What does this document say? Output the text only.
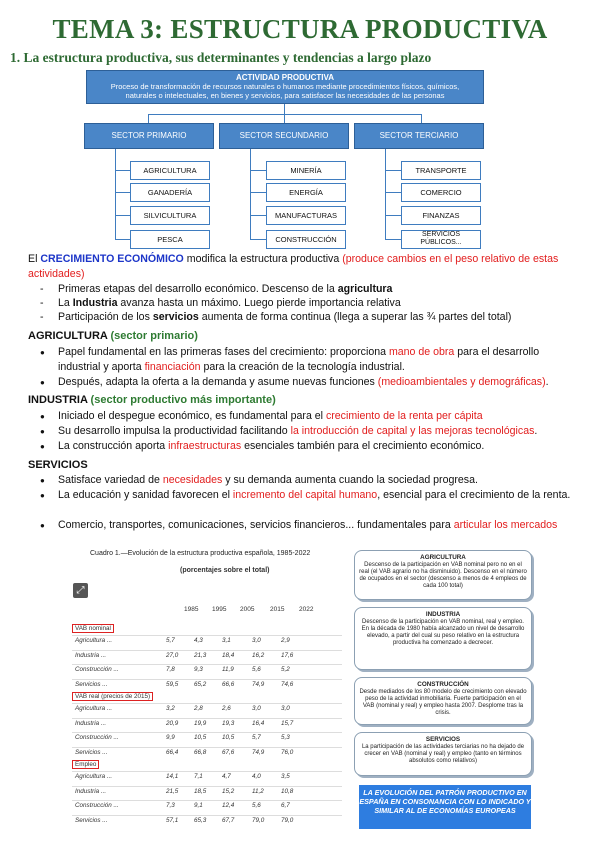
TEMA 3: ESTRUCTURA PRODUCTIVA
1. La estructura productiva, sus determinantes y tendencias a largo plazo
ACTIVIDAD PRODUCTIVA
Proceso de transformación de recursos naturales o humanos mediante procedimientos físicos, químicos,
naturales o intelectuales, en bienes y servicios, para satisfacer las necesidades de las personas
SECTOR PRIMARIO
AGRICULTURA
GANADERÍA
SILVICULTURA
PESCA
SECTOR SECUNDARIO
MINERÍA
ENERGÍA
MANUFACTURAS
CONSTRUCCIÓN
SECTOR TERCIARIO
TRANSPORTE
COMERCIO
FINANZAS
SERVICIOS PÚBLICOS...
El CRECIMIENTO ECONÓMICO modifica la estructura productiva (produce cambios en el peso relativo de estas actividades)
- Primeras etapas del desarrollo económico. Descenso de la agricultura
- La Industria avanza hasta un máximo. Luego pierde importancia relativa
- Participación de los servicios aumenta de forma continua (llega a superar las ¾ partes del total)
AGRICULTURA (sector primario)
● Papel fundamental en las primeras fases del crecimiento: proporciona mano de obra para el desarrollo industrial y aporta financiación para la creación de la tecnología industrial.
● Después, adapta la oferta a la demanda y asume nuevas funciones (medioambientales y demográficas).
INDUSTRIA (sector productivo más importante)
● Iniciado el despegue económico, es fundamental para el crecimiento de la renta per cápita
● Su desarrollo impulsa la productividad facilitando la introducción de capital y las mejoras tecnológicas.
● La construcción aporta infraestructuras esenciales también para el crecimiento económico.
SERVICIOS
● Satisface variedad de necesidades y su demanda aumenta cuando la sociedad progresa.
● La educación y sanidad favorecen el incremento del capital humano, esencial para el crecimiento de la renta.
● Comercio, transportes, comunicaciones, servicios financieros... fundamentales para articular los mercados
Cuadro 1.—Evolución de la estructura productiva española, 1985-2022
(porcentajes sobre el total)
⤢
1985 1995 2005 2015 2022
VAB nominal
Agricultura ...	5,7	4,3	3,1	3,0	2,9
Industria ...	27,0 21,3 18,4	16,2	17,6
Construcción ...	7,8	9,3	11,9	5,6	5,2
Servicios ...	59,5 65,2 66,6	74,9	74,6
VAB real (precios de 2015)
Agricultura ...	3,2	2,8	2,6	3,0	3,0
Industria ...	20,9 19,9 19,3	16,4	15,7
Construcción ...	9,9	10,5 10,5	5,7	5,3
Servicios ...	66,4 66,8 67,6	74,9	76,0
Empleo
Agricultura ...	14,1 7,1	4,7	4,0	3,5
Industria ...	21,5 18,5 15,2	11,2	10,8
Construcción ...	7,3	9,1	12,4	5,6	6,7
Servicios ...	57,1 65,3 67,7	79,0	79,0
AGRICULTURA
Descenso de la participación en VAB nominal pero no en el real (el VAB agrario no ha disminuido). Descenso en el número de ocupados en el sector (descenso a menos de 4 empleos de cada 100 total)
INDUSTRIA
Descenso de la participación en VAB nominal, real y empleo. En la década de 1980 había alcanzado un nivel de desarrollo elevado, a partir del cual su peso relativo en la estructura productiva ha comenzado a decrecer.
CONSTRUCCIÓN
Desde mediados de los 80 modelo de crecimiento con elevado peso de la actividad inmobiliaria. Fuerte participación en el VAB (nominal y real) y empleo hasta 2007. Desplome tras la crisis.
SERVICIOS
La participación de las actividades terciarias no ha dejado de crecer en VAB (nominal y real) y empleo (tanto en términos absolutos como relativos)
LA EVOLUCIÓN DEL PATRÓN PRODUCTIVO EN ESPAÑA EN CONSONANCIA CON LO INDICADO Y SIMILAR AL DE ECONOMÍAS EUROPEAS
